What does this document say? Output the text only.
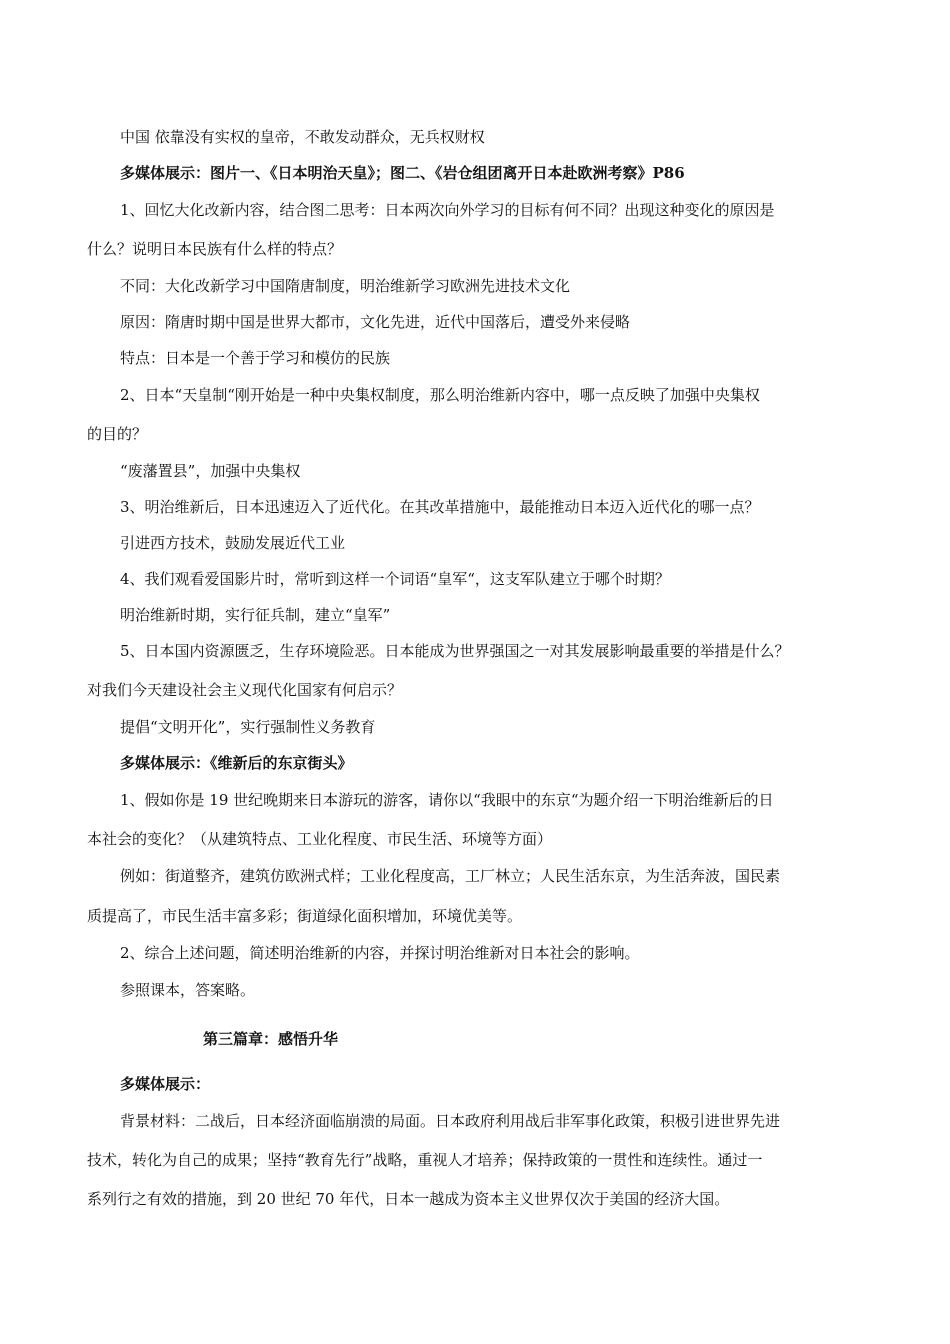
中国 依靠没有实权的皇帝，不敢发动群众，无兵权财权
多媒体展示：图片一、《日本明治天皇》；图二、《岩仓组团离开日本赴欧洲考察》P86
1、回忆大化改新内容，结合图二思考：日本两次向外学习的目标有何不同？出现这种变化的原因是
什么？说明日本民族有什么样的特点？
不同：大化改新学习中国隋唐制度，明治维新学习欧洲先进技术文化
原因：隋唐时期中国是世界大都市，文化先进，近代中国落后，遭受外来侵略
特点：日本是一个善于学习和模仿的民族
2、日本“天皇制“刚开始是一种中央集权制度，那么明治维新内容中，哪一点反映了加强中央集权
的目的？
“废藩置县”，加强中央集权
3、明治维新后，日本迅速迈入了近代化。在其改革措施中，最能推动日本迈入近代化的哪一点？
引进西方技术，鼓励发展近代工业
4、我们观看爱国影片时，常听到这样一个词语“皇军“，这支军队建立于哪个时期？
明治维新时期，实行征兵制，建立“皇军”
5、日本国内资源匮乏，生存环境险恶。日本能成为世界强国之一对其发展影响最重要的举措是什么？
对我们今天建设社会主义现代化国家有何启示？
提倡“文明开化”，实行强制性义务教育
多媒体展示：《维新后的东京街头》
1、假如你是 19 世纪晚期来日本游玩的游客，请你以“我眼中的东京“为题介绍一下明治维新后的日
本社会的变化？（从建筑特点、工业化程度、市民生活、环境等方面）
例如：街道整齐，建筑仿欧洲式样；工业化程度高，工厂林立；人民生活东京，为生活奔波，国民素
质提高了，市民生活丰富多彩；街道绿化面积增加，环境优美等。
2、综合上述问题，简述明治维新的内容，并探讨明治维新对日本社会的影响。
参照课本，答案略。
第三篇章：感悟升华
多媒体展示：
背景材料：二战后，日本经济面临崩溃的局面。日本政府利用战后非军事化政策，积极引进世界先进
技术，转化为自己的成果；坚持“教育先行”战略，重视人才培养；保持政策的一贯性和连续性。通过一
系列行之有效的措施，到 20 世纪 70 年代，日本一越成为资本主义世界仅次于美国的经济大国。
